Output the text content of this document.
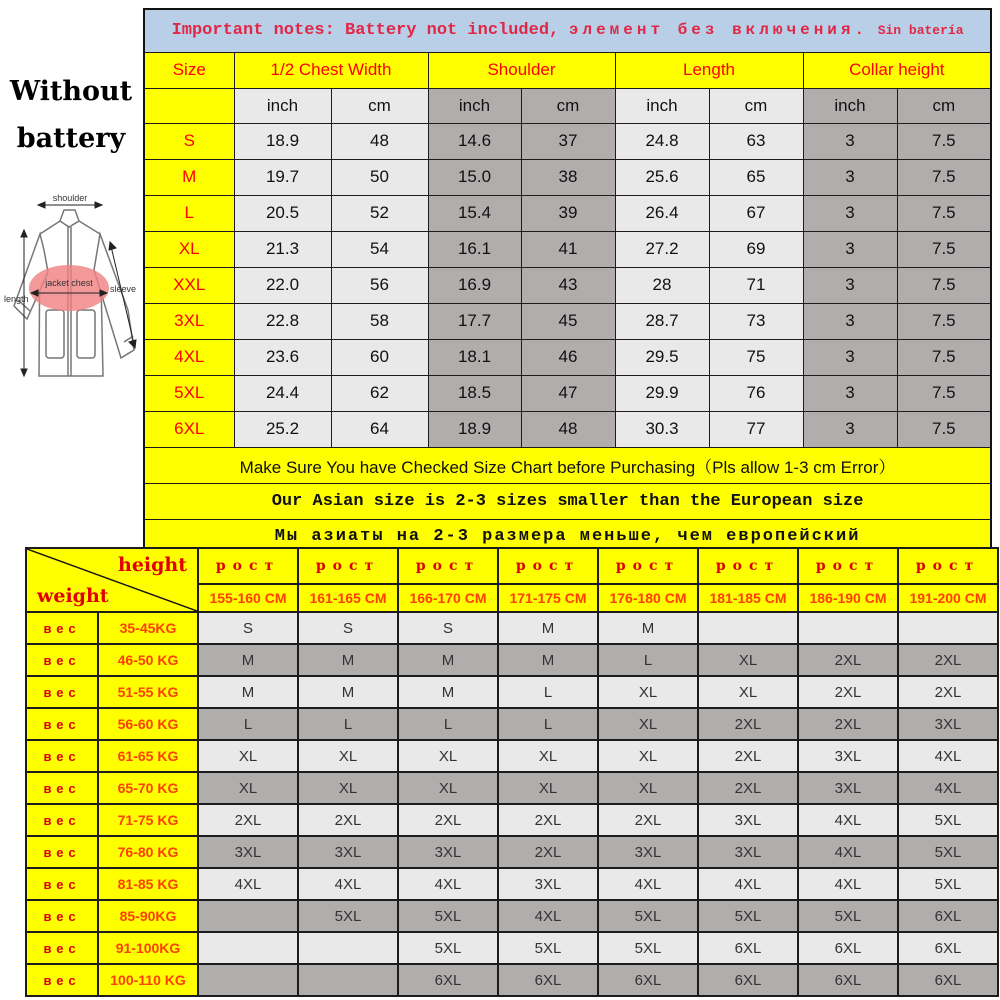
Without
battery
shoulder
length
jacket chest
sleeve
Important notes: Battery not included, элемент без включения. Sin batería								
Size	1/2 Chest Width		Shoulder		Length		Collar height	
	inch	cm	inch	cm	inch	cm	inch	cm
S	18.9	48	14.6	37	24.8	63	3	7.5
M	19.7	50	15.0	38	25.6	65	3	7.5
L	20.5	52	15.4	39	26.4	67	3	7.5
XL	21.3	54	16.1	41	27.2	69	3	7.5
XXL	22.0	56	16.9	43	28	71	3	7.5
3XL	22.8	58	17.7	45	28.7	73	3	7.5
4XL	23.6	60	18.1	46	29.5	75	3	7.5
5XL	24.4	62	18.5	47	29.9	76	3	7.5
6XL	25.2	64	18.9	48	30.3	77	3	7.5
Make Sure You have Checked Size Chart before Purchasing（Pls allow 1-3 cm Error）								
Our Asian size is 2-3 sizes smaller than the European size								
Мы азиаты на 2-3 размера меньше, чем европейский								
height
weight		рост	рост	рост	рост	рост	рост	рост	рост
		155-160 CM	161-165 CM	166-170 CM	171-175 CM	176-180 CM	181-185 CM	186-190 CM	191-200 CM
вес	35-45KG	S	S	S	M	M			
вес	46-50 KG	M	M	M	M	L	XL	2XL	2XL
вес	51-55 KG	M	M	M	L	XL	XL	2XL	2XL
вес	56-60 KG	L	L	L	L	XL	2XL	2XL	3XL
вес	61-65 KG	XL	XL	XL	XL	XL	2XL	3XL	4XL
вес	65-70 KG	XL	XL	XL	XL	XL	2XL	3XL	4XL
вес	71-75 KG	2XL	2XL	2XL	2XL	2XL	3XL	4XL	5XL
вес	76-80 KG	3XL	3XL	3XL	2XL	3XL	3XL	4XL	5XL
вес	81-85 KG	4XL	4XL	4XL	3XL	4XL	4XL	4XL	5XL
вес	85-90KG		5XL	5XL	4XL	5XL	5XL	5XL	6XL
вес	91-100KG			5XL	5XL	5XL	6XL	6XL	6XL
вес	100-110 KG			6XL	6XL	6XL	6XL	6XL	6XL
